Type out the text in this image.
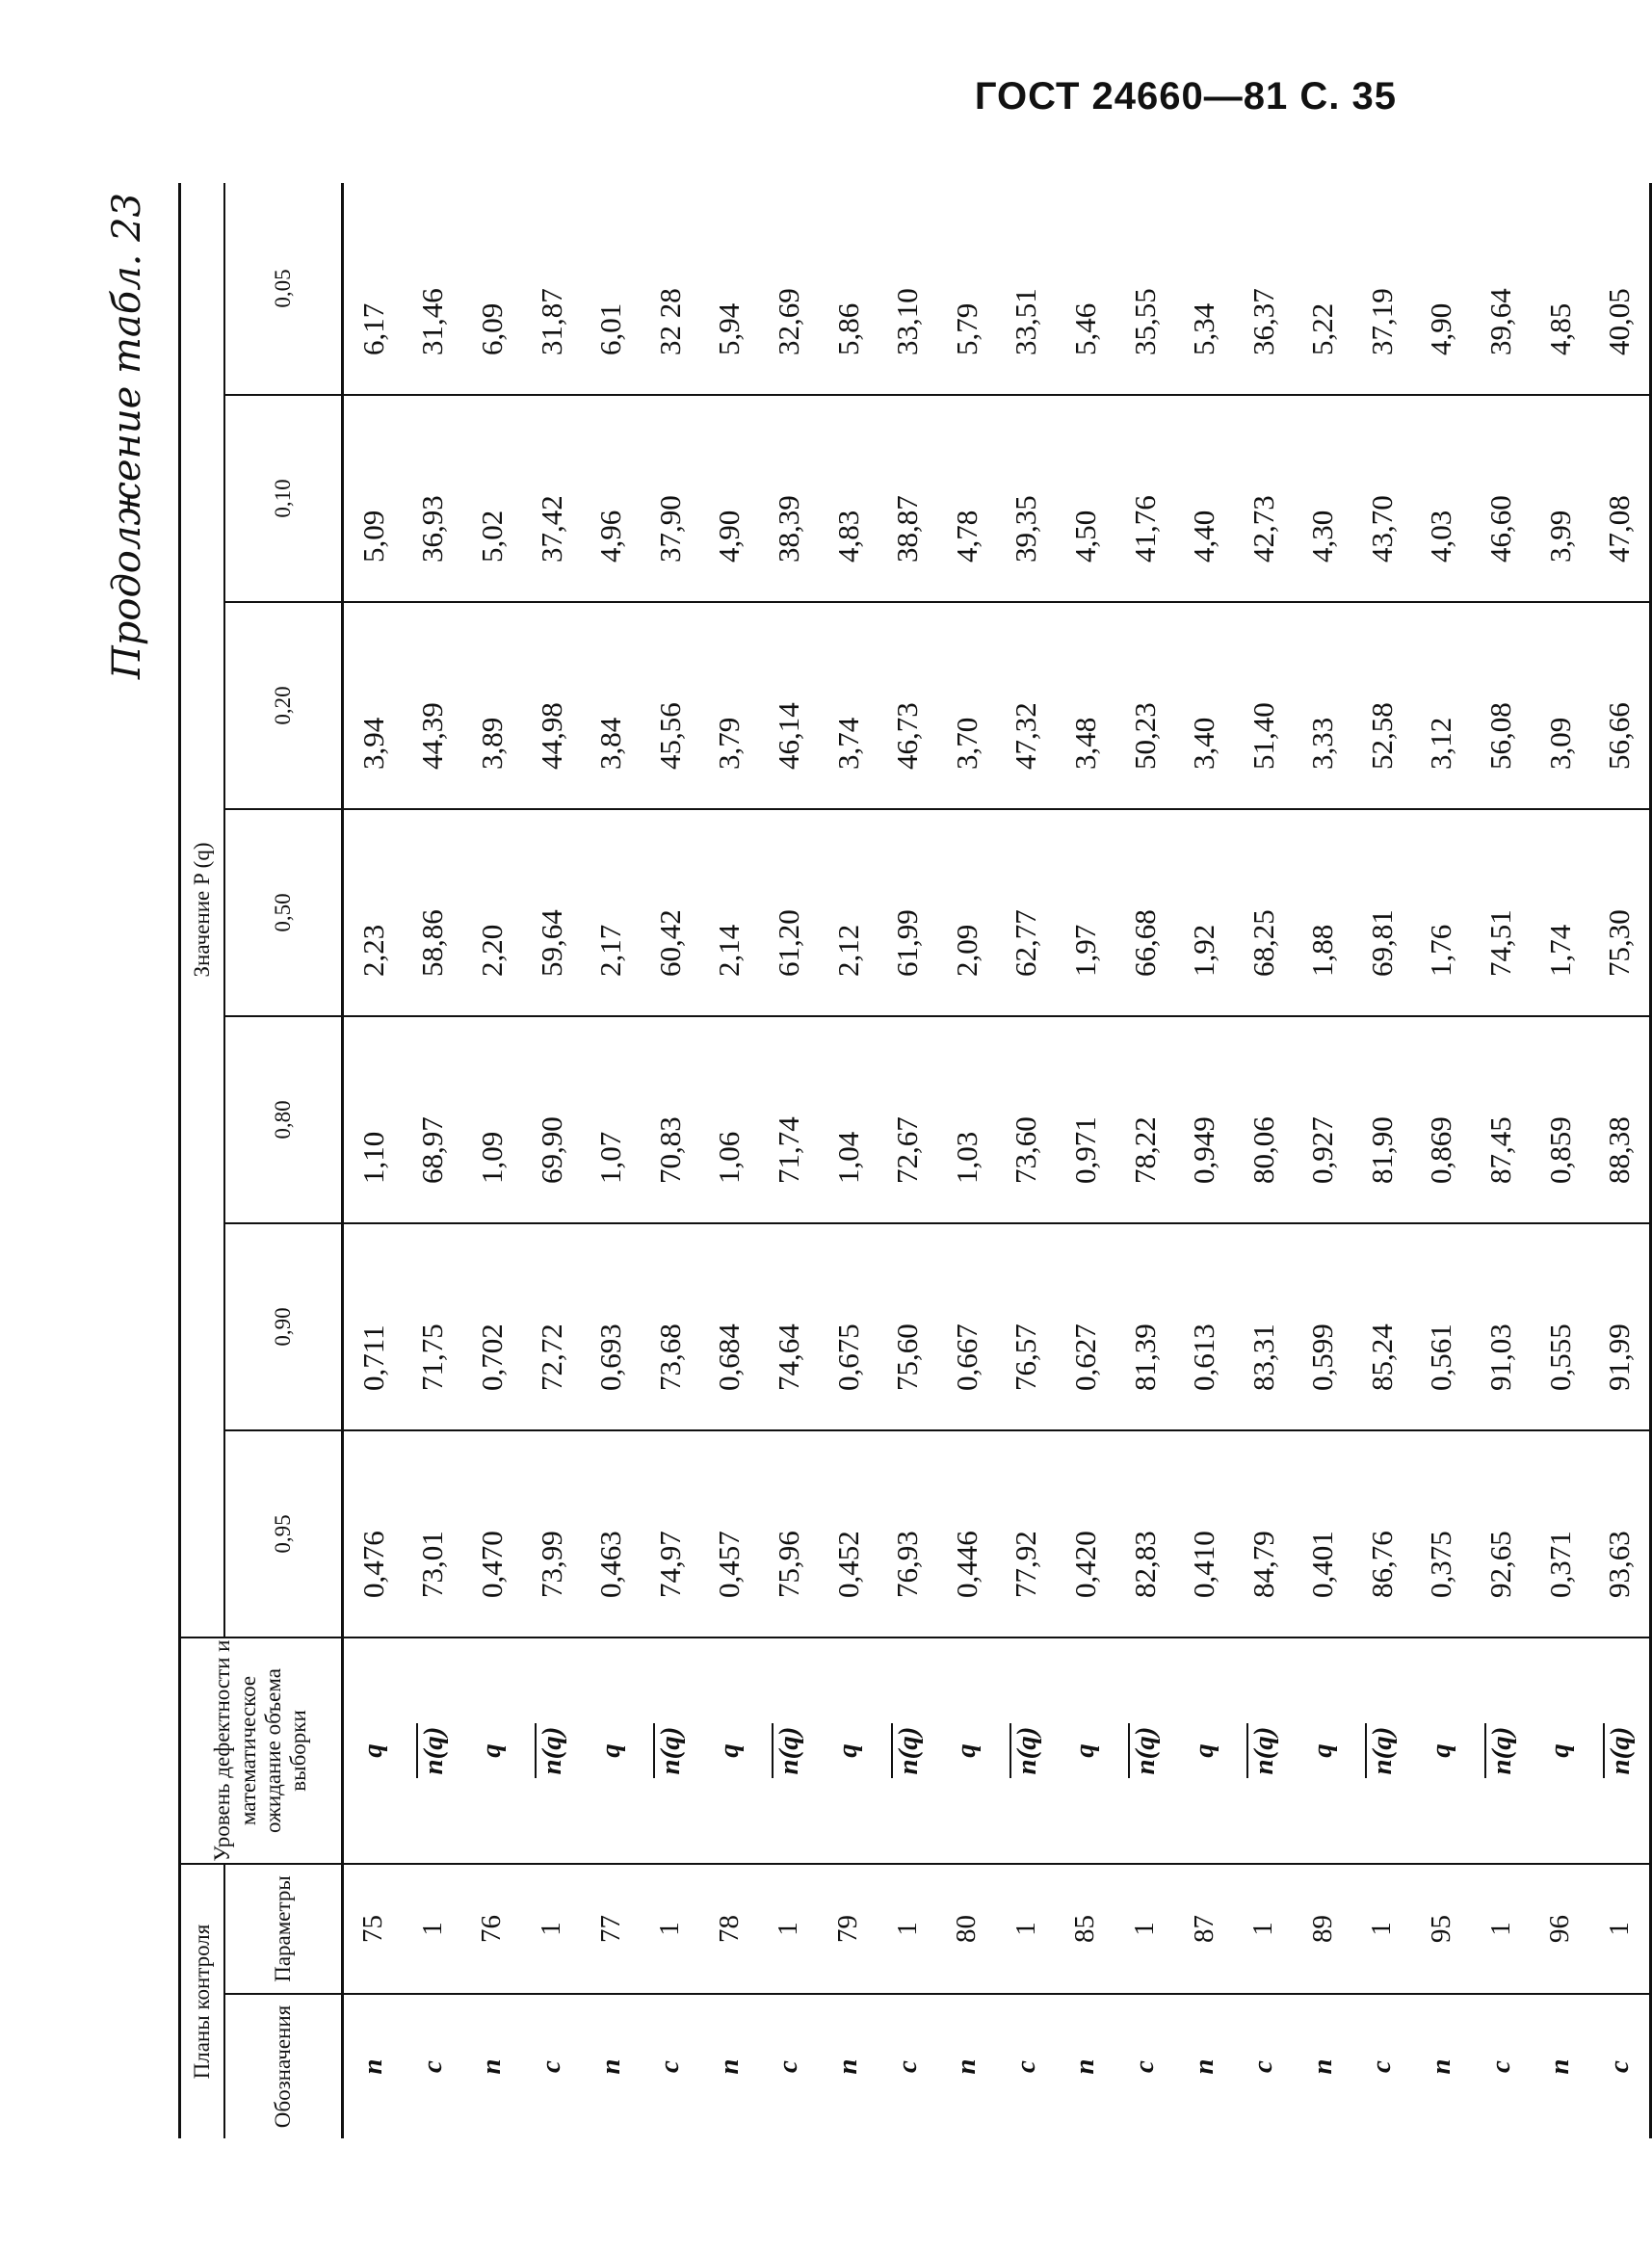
ГОСТ 24660—81 С. 35
Продолжение табл. 23
Планы контроля		Уровень дефектности и математическое ожидание объема выборки	Значение P (q)						
Обозначения	Параметры		0,95	0,90	0,80	0,50	0,20	0,10	0,05
n	75	q	0,476	0,711	1,10	2,23	3,94	5,09	6,17
c	1	n(q)	73,01	71,75	68,97	58,86	44,39	36,93	31,46
n	76	q	0,470	0,702	1,09	2,20	3,89	5,02	6,09
c	1	n(q)	73,99	72,72	69,90	59,64	44,98	37,42	31,87
n	77	q	0,463	0,693	1,07	2,17	3,84	4,96	6,01
c	1	n(q)	74,97	73,68	70,83	60,42	45,56	37,90	32 28
n	78	q	0,457	0,684	1,06	2,14	3,79	4,90	5,94
c	1	n(q)	75,96	74,64	71,74	61,20	46,14	38,39	32,69
n	79	q	0,452	0,675	1,04	2,12	3,74	4,83	5,86
c	1	n(q)	76,93	75,60	72,67	61,99	46,73	38,87	33,10
n	80	q	0,446	0,667	1,03	2,09	3,70	4,78	5,79
c	1	n(q)	77,92	76,57	73,60	62,77	47,32	39,35	33,51
n	85	q	0,420	0,627	0,971	1,97	3,48	4,50	5,46
c	1	n(q)	82,83	81,39	78,22	66,68	50,23	41,76	35,55
n	87	q	0,410	0,613	0,949	1,92	3,40	4,40	5,34
c	1	n(q)	84,79	83,31	80,06	68,25	51,40	42,73	36,37
n	89	q	0,401	0,599	0,927	1,88	3,33	4,30	5,22
c	1	n(q)	86,76	85,24	81,90	69,81	52,58	43,70	37,19
n	95	q	0,375	0,561	0,869	1,76	3,12	4,03	4,90
c	1	n(q)	92,65	91,03	87,45	74,51	56,08	46,60	39,64
n	96	q	0,371	0,555	0,859	1,74	3,09	3,99	4,85
c	1	n(q)	93,63	91,99	88,38	75,30	56,66	47,08	40,05
